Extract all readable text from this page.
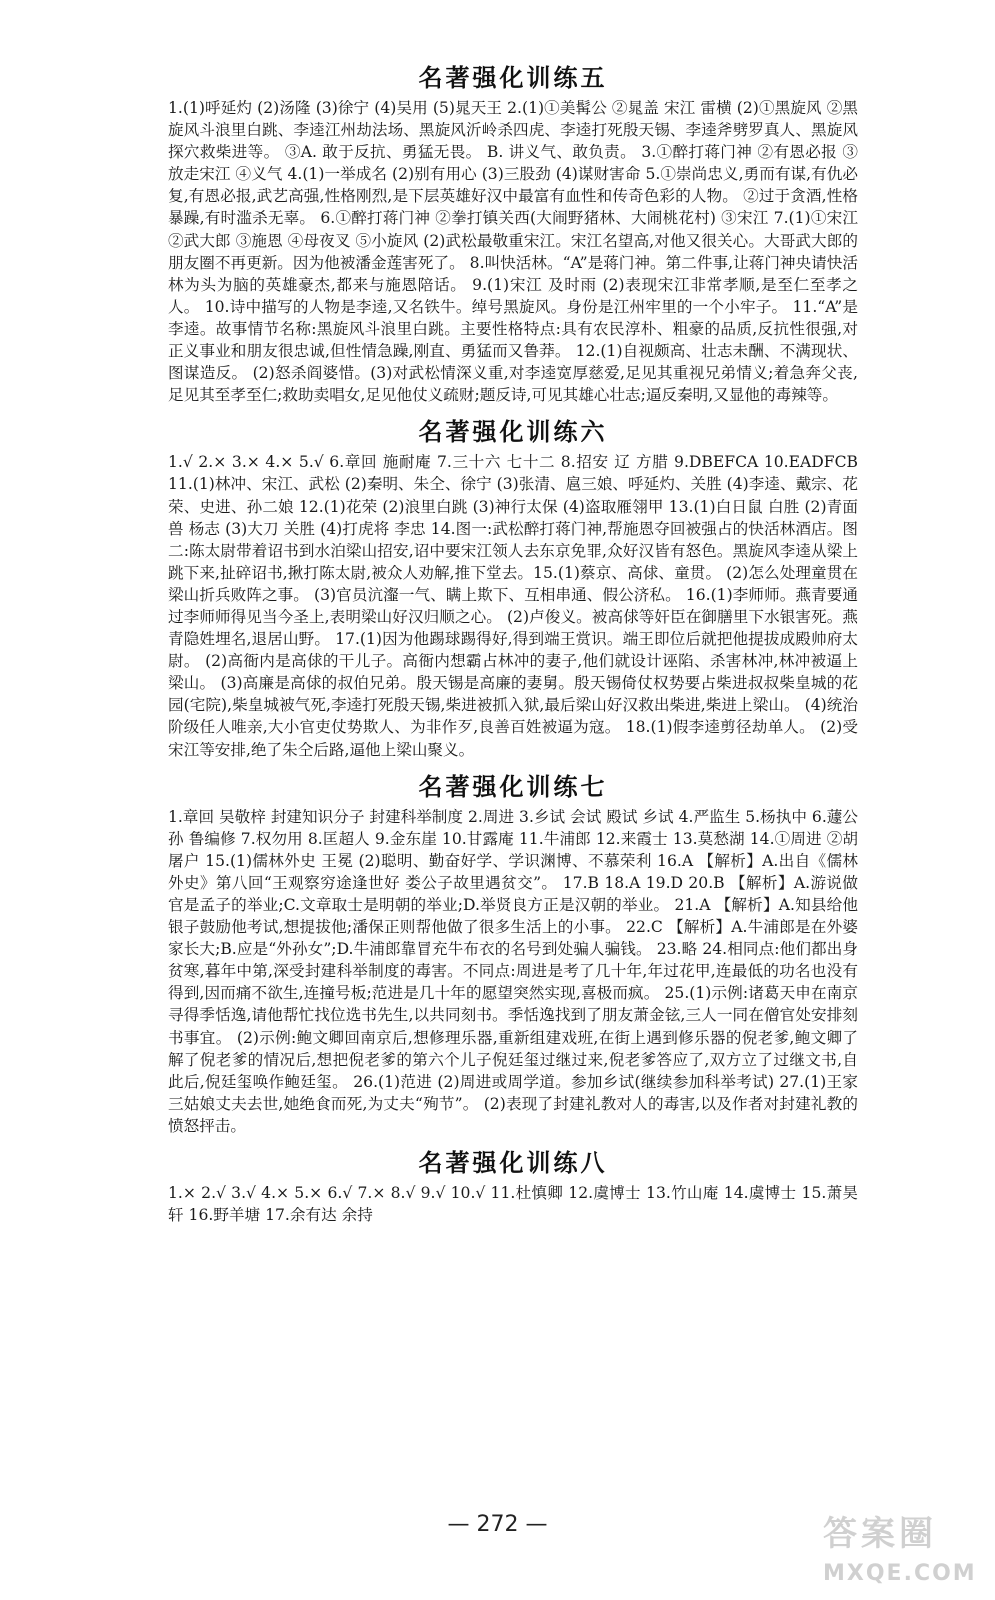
名著强化训练五

1.(1)呼延灼 (2)汤隆 (3)徐宁 (4)吴用 (5)晁天王 2.(1)①美髯公 ②晁盖 宋江 雷横 (2)①黑旋风 ②黑旋风斗浪里白跳、李逵江州劫法场、黑旋风沂岭杀四虎、李逵打死殷天锡、李逵斧劈罗真人、黑旋风探穴救柴进等。 ③A. 敢于反抗、勇猛无畏。 B. 讲义气、敢负责。 3.①醉打蒋门神 ②有恩必报 ③放走宋江 ④义气 4.(1)一举成名 (2)别有用心 (3)三股劲 (4)谋财害命 5.①崇尚忠义,勇而有谋,有仇必复,有恩必报,武艺高强,性格刚烈,是下层英雄好汉中最富有血性和传奇色彩的人物。 ②过于贪酒,性格暴躁,有时滥杀无辜。 6.①醉打蒋门神 ②拳打镇关西(大闹野猪林、大闹桃花村) ③宋江 7.(1)①宋江 ②武大郎 ③施恩 ④母夜叉 ⑤小旋风 (2)武松最敬重宋江。宋江名望高,对他又很关心。大哥武大郎的朋友圈不再更新。因为他被潘金莲害死了。 8.叫快活林。“A”是蒋门神。第二件事,让蒋门神央请快活林为头为脑的英雄豪杰,都来与施恩陪话。 9.(1)宋江 及时雨 (2)表现宋江非常孝顺,是至仁至孝之人。 10.诗中描写的人物是李逵,又名铁牛。绰号黑旋风。身份是江州牢里的一个小牢子。 11.“A”是李逵。故事情节名称:黑旋风斗浪里白跳。主要性格特点:具有农民淳朴、粗豪的品质,反抗性很强,对正义事业和朋友很忠诚,但性情急躁,刚直、勇猛而又鲁莽。 12.(1)自视颇高、壮志未酬、不满现状、图谋造反。 (2)怒杀阎婆惜。(3)对武松情深义重,对李逵宽厚慈爱,足见其重视兄弟情义;着急奔父丧,足见其至孝至仁;救助卖唱女,足见他仗义疏财;题反诗,可见其雄心壮志;逼反秦明,又显他的毒辣等。

名著强化训练六

1.√ 2.× 3.× 4.× 5.√ 6.章回 施耐庵 7.三十六 七十二 8.招安 辽 方腊 9.DBEFCA 10.EADFCB 11.(1)林冲、宋江、武松 (2)秦明、朱仝、徐宁 (3)张清、扈三娘、呼延灼、关胜 (4)李逵、戴宗、花荣、史进、孙二娘 12.(1)花荣 (2)浪里白跳 (3)神行太保 (4)盗取雁翎甲 13.(1)白日鼠 白胜 (2)青面兽 杨志 (3)大刀 关胜 (4)打虎将 李忠 14.图一:武松醉打蒋门神,帮施恩夺回被强占的快活林酒店。图二:陈太尉带着诏书到水泊梁山招安,诏中要宋江领人去东京免罪,众好汉皆有怒色。黑旋风李逵从梁上跳下来,扯碎诏书,揪打陈太尉,被众人劝解,推下堂去。15.(1)蔡京、高俅、童贯。 (2)怎么处理童贯在梁山折兵败阵之事。 (3)官员沆瀣一气、瞒上欺下、互相串通、假公济私。 16.(1)李师师。燕青要通过李师师得见当今圣上,表明梁山好汉归顺之心。 (2)卢俊义。被高俅等奸臣在御膳里下水银害死。燕青隐姓埋名,退居山野。 17.(1)因为他踢球踢得好,得到端王赏识。端王即位后就把他提拔成殿帅府太尉。 (2)高衙内是高俅的干儿子。高衙内想霸占林冲的妻子,他们就设计诬陷、杀害林冲,林冲被逼上梁山。 (3)高廉是高俅的叔伯兄弟。殷天锡是高廉的妻舅。殷天锡倚仗权势要占柴进叔叔柴皇城的花园(宅院),柴皇城被气死,李逵打死殷天锡,柴进被抓入狱,最后梁山好汉救出柴进,柴进上梁山。 (4)统治阶级任人唯亲,大小官吏仗势欺人、为非作歹,良善百姓被逼为寇。 18.(1)假李逵剪径劫单人。 (2)受宋江等安排,绝了朱仝后路,逼他上梁山聚义。

名著强化训练七

1.章回 吴敬梓 封建知识分子 封建科举制度 2.周进 3.乡试 会试 殿试 乡试 4.严监生 5.杨执中 6.蘧公孙 鲁编修 7.权勿用 8.匡超人 9.金东崖 10.甘露庵 11.牛浦郎 12.来霞士 13.莫愁湖 14.①周进 ②胡屠户 15.(1)儒林外史 王冕 (2)聪明、勤奋好学、学识渊博、不慕荣利 16.A 【解析】A.出自《儒林外史》第八回“王观察穷途逢世好 娄公子故里遇贫交”。 17.B 18.A 19.D 20.B 【解析】A.游说做官是孟子的举业;C.文章取士是明朝的举业;D.举贤良方正是汉朝的举业。 21.A 【解析】A.知县给他银子鼓励他考试,想提拔他;潘保正则帮他做了很多生活上的小事。 22.C 【解析】A.牛浦郎是在外婆家长大;B.应是“外孙女”;D.牛浦郎靠冒充牛布衣的名号到处骗人骗钱。 23.略 24.相同点:他们都出身贫寒,暮年中第,深受封建科举制度的毒害。不同点:周进是考了几十年,年过花甲,连最低的功名也没有得到,因而痛不欲生,连撞号板;范进是几十年的愿望突然实现,喜极而疯。 25.(1)示例:诸葛天申在南京寻得季恬逸,请他帮忙找位选书先生,以共同刻书。季恬逸找到了朋友萧金铉,三人一同在僧官处安排刻书事宜。 (2)示例:鲍文卿回南京后,想修理乐器,重新组建戏班,在街上遇到修乐器的倪老爹,鲍文卿了解了倪老爹的情况后,想把倪老爹的第六个儿子倪廷玺过继过来,倪老爹答应了,双方立了过继文书,自此后,倪廷玺唤作鲍廷玺。 26.(1)范进 (2)周进或周学道。参加乡试(继续参加科举考试) 27.(1)王家三姑娘丈夫去世,她绝食而死,为丈夫“殉节”。 (2)表现了封建礼教对人的毒害,以及作者对封建礼教的愤怒抨击。

名著强化训练八

1.× 2.√ 3.√ 4.× 5.× 6.√ 7.× 8.√ 9.√ 10.√ 11.杜慎卿 12.虞博士 13.竹山庵 14.虞博士 15.萧昊轩 16.野羊塘 17.余有达 余持

— 272 —	答案圈
MXQE.COM
